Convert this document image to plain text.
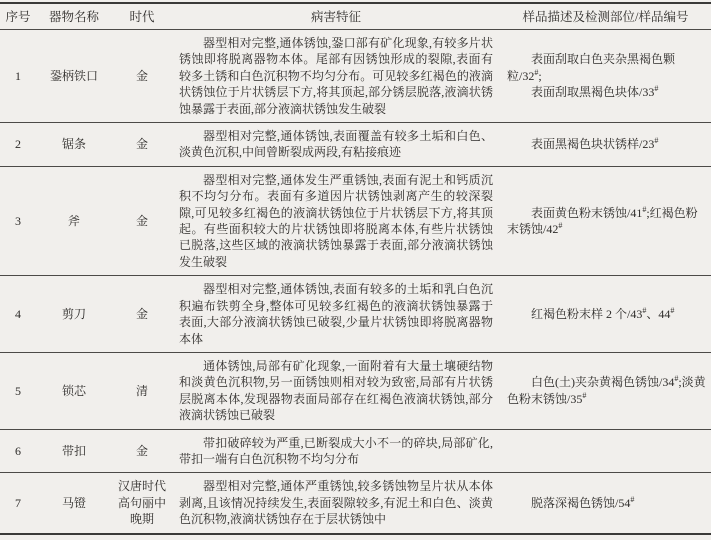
序号	器物名称	时代	病害特征	样品描述及检测部位/样品编号
1	銎柄铁口	金	器型相对完整,通体锈蚀,銎口部有矿化现象,有较多片状锈蚀即将脱离器物本体。尾部有因锈蚀形成的裂隙,表面有较多土锈和白色沉积物不均匀分布。可见较多红褐色的液滴状锈蚀位于片状锈层下方,将其顶起,部分锈层脱落,液滴状锈蚀暴露于表面,部分液滴状锈蚀发生破裂	表面刮取白色夹杂黑褐色颗粒/32#;

表面刮取黑褐色块体/33#

2	锯条	金	器型相对完整,通体锈蚀,表面覆盖有较多土垢和白色、淡黄色沉积,中间曾断裂成两段,有粘接痕迹	表面黑褐色块状锈样/23#

3	斧	金	器型相对完整,通体发生严重锈蚀,表面有泥土和钙质沉积不均匀分布。表面有多道因片状锈蚀剥离产生的较深裂隙,可见较多红褐色的液滴状锈蚀位于片状锈层下方,将其顶起。有些面积较大的片状锈蚀即将脱离本体,有些片状锈蚀已脱落,这些区域的液滴状锈蚀暴露于表面,部分液滴状锈蚀发生破裂	表面黄色粉末锈蚀/41#;红褐色粉末锈蚀/42#

4	剪刀	金	器型相对完整,通体锈蚀,表面有较多的土垢和乳白色沉积遍布铁剪全身,整体可见较多红褐色的液滴状锈蚀暴露于表面,大部分液滴状锈蚀已破裂,少量片状锈蚀即将脱离器物本体	红褐色粉末样 2 个/43#、44#

5	锁芯	清	通体锈蚀,局部有矿化现象,一面附着有大量土壤硬结物和淡黄色沉积物,另一面锈蚀则相对较为致密,局部有片状锈层脱离本体,发现器物表面局部存在红褐色液滴状锈蚀,部分液滴状锈蚀已破裂	白色(土)夹杂黄褐色锈蚀/34#;淡黄色粉末锈蚀/35#

6	带扣	金	带扣破碎较为严重,已断裂成大小不一的碎块,局部矿化,带扣一端有白色沉积物不均匀分布	

7	马镫	汉唐时代高句丽中晚期	器型相对完整,通体严重锈蚀,较多锈蚀物呈片状从本体剥离,且该情况持续发生,表面裂隙较多,有泥土和白色、淡黄色沉积物,液滴状锈蚀存在于层状锈蚀中	脱落深褐色锈蚀/54#
